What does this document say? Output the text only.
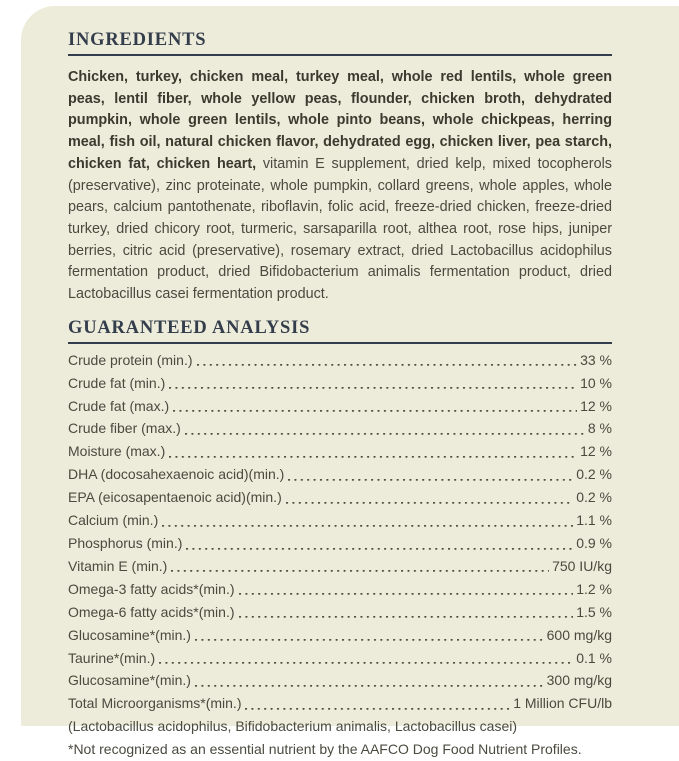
INGREDIENTS

Chicken, turkey, chicken meal, turkey meal, whole red lentils, whole green peas, lentil fiber, whole yellow peas, flounder, chicken broth, dehydrated pumpkin, whole green lentils, whole pinto beans, whole chickpeas, herring meal, fish oil, natural chicken flavor, dehydrated egg, chicken liver, pea starch, chicken fat, chicken heart, vitamin E supplement, dried kelp, mixed tocopherols (preservative), zinc proteinate, whole pumpkin, collard greens, whole apples, whole pears, calcium pantothenate, riboflavin, folic acid, freeze-dried chicken, freeze-dried turkey, dried chicory root, turmeric, sarsaparilla root, althea root, rose hips, juniper berries, citric acid (preservative), rosemary extract, dried Lactobacillus acidophilus fermentation product, dried Bifidobacterium animalis fermentation product, dried Lactobacillus casei fermentation product.

GUARANTEED ANALYSIS
Crude protein (min.)	33 %
Crude fat (min.)	10 %
Crude fat (max.)	12 %
Crude fiber (max.)	8 %
Moisture (max.)	12 %
DHA (docosahexaenoic acid)(min.)	0.2 %
EPA (eicosapentaenoic acid)(min.)	0.2 %
Calcium (min.)	1.1 %
Phosphorus (min.)	0.9 %
Vitamin E (min.)	750 IU/kg
Omega-3 fatty acids*(min.)	1.2 %
Omega-6 fatty acids*(min.)	1.5 %
Glucosamine*(min.)	600 mg/kg
Taurine*(min.)	0.1 %
Glucosamine*(min.)	300 mg/kg
Total Microorganisms*(min.)	1 Million CFU/lb
(Lactobacillus acidophilus, Bifidobacterium animalis, Lactobacillus casei)
*Not recognized as an essential nutrient by the AAFCO Dog Food Nutrient Profiles.
